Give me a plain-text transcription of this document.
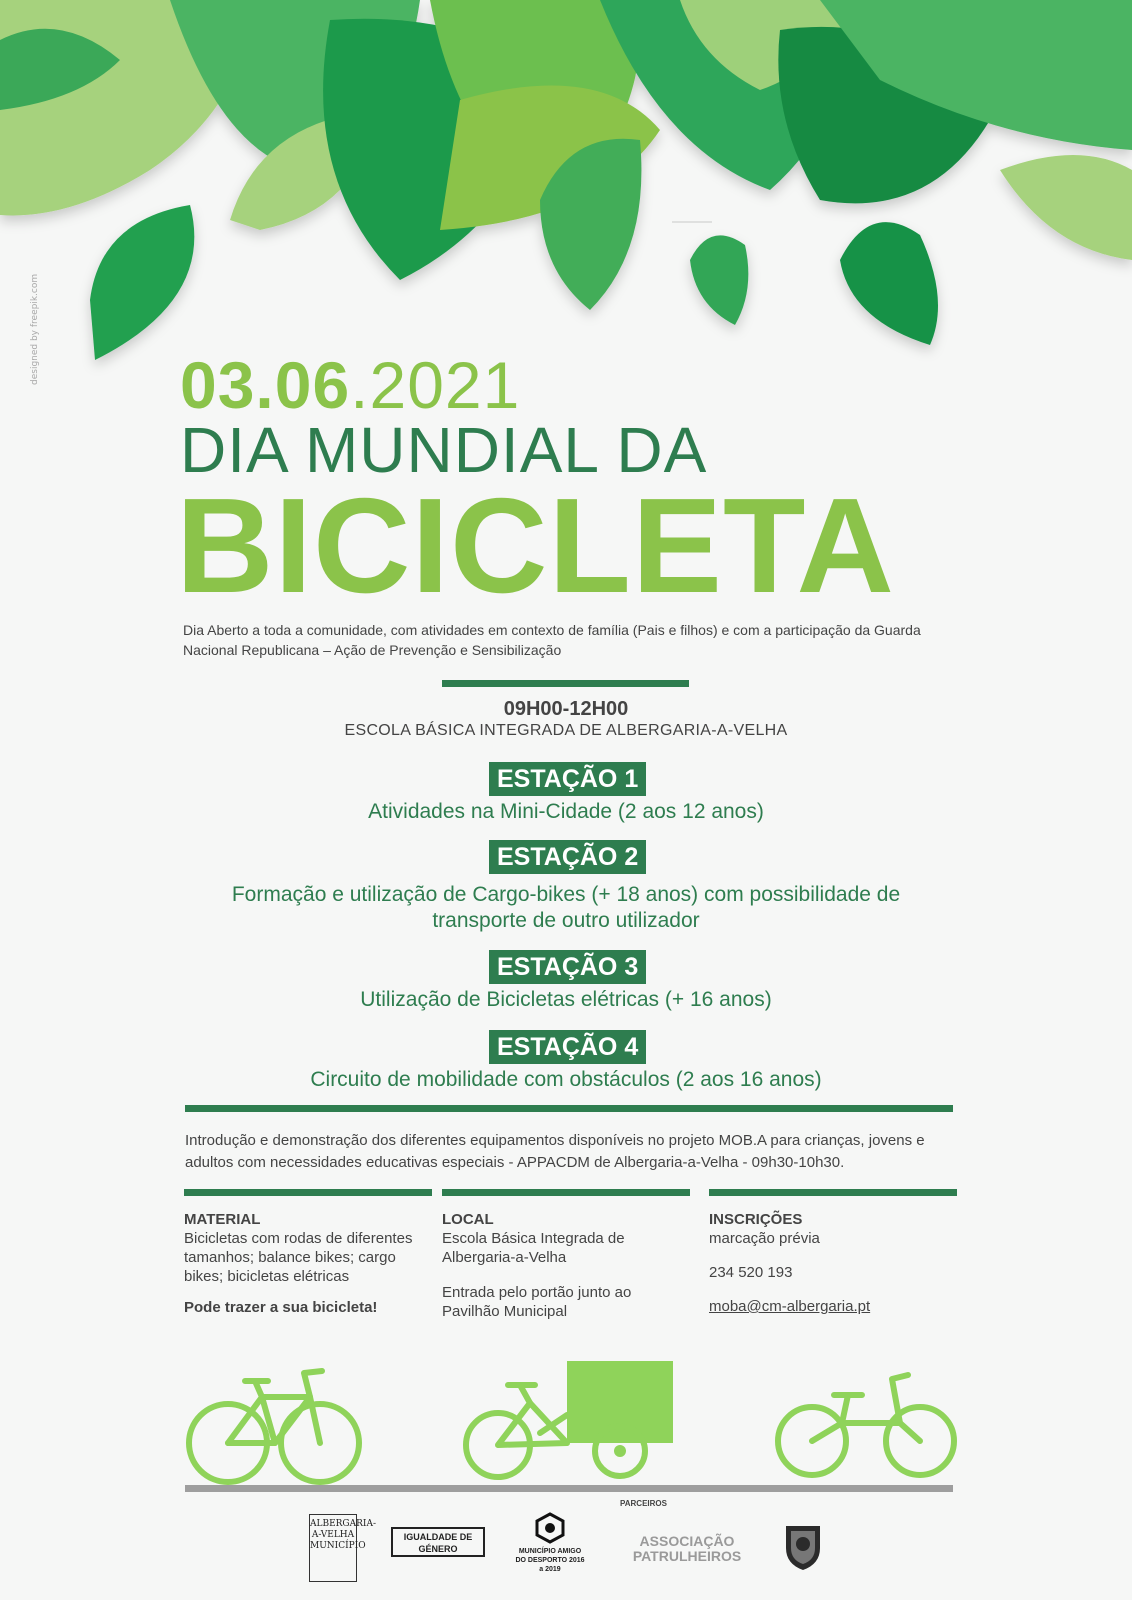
designed by freepik.com 03.06.2021
DIA MUNDIAL DA
BICICLETA
Dia Aberto a toda a comunidade, com atividades em contexto de família (Pais e filhos) e com a participação da Guarda Nacional Republicana – Ação de Prevenção e Sensibilização
09H00-12H00
ESCOLA BÁSICA INTEGRADA DE ALBERGARIA-A-VELHA
ESTAÇÃO 1
Atividades na Mini-Cidade (2 aos 12 anos)
ESTAÇÃO 2
Formação e utilização de Cargo-bikes (+ 18 anos) com possibilidade de transporte de outro utilizador
ESTAÇÃO 3
Utilização de Bicicletas elétricas (+ 16 anos)
ESTAÇÃO 4
Circuito de mobilidade com obstáculos (2 aos 16 anos)
Introdução e demonstração dos diferentes equipamentos disponíveis no projeto MOB.A para crianças, jovens e adultos com necessidades educativas especiais - APPACDM de Albergaria-a-Velha - 09h30-10h30.
MATERIAL
Bicicletas com rodas de diferentes tamanhos; balance bikes; cargo bikes; bicicletas elétricas
Pode trazer a sua bicicleta!
LOCAL
Escola Básica Integrada de Albergaria-a-Velha
Entrada pelo portão junto ao Pavilhão Municipal
INSCRIÇÕES
marcação prévia
234 520 193
moba@cm-albergaria.pt
PARCEIROS
ALBERGARIA-A-VELHA MUNICÍPIO
IGUALDADE DE GÉNERO	MUNICÍPIO AMIGO DO DESPORTO 2016 a 2019
ASSOCIAÇÃO PATRULHEIROS
